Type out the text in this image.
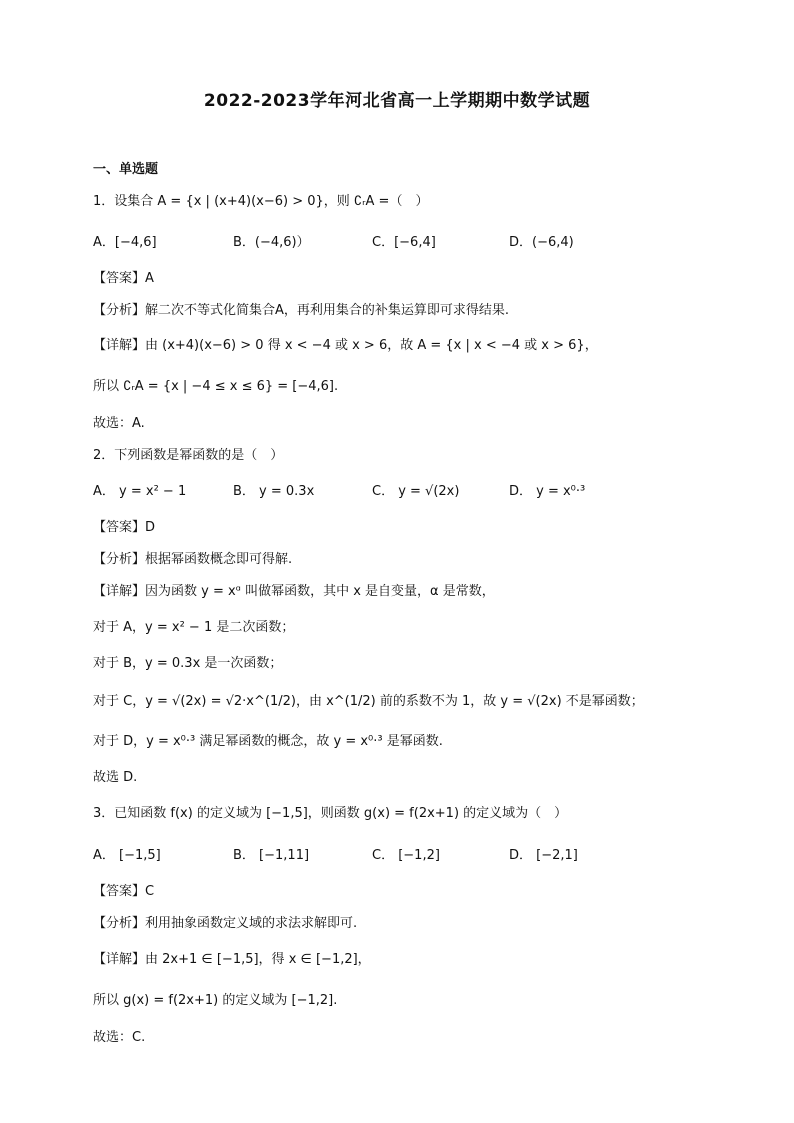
2022-2023学年河北省高一上学期期中数学试题
一、单选题
1．设集合 A = {x | (x+4)(x−6) > 0}，则 ∁ᵣA =（　）
A．[−4,6]	B．(−4,6)）	C．[−6,4]	D．(−6,4)
【答案】A
【分析】解二次不等式化简集合A，再利用集合的补集运算即可求得结果.
【详解】由 (x+4)(x−6) > 0 得 x < −4 或 x > 6，故 A = {x | x < −4 或 x > 6}，
所以 ∁ᵣA = {x | −4 ≤ x ≤ 6} = [−4,6].
故选：A.
2．下列函数是幂函数的是（　）
A． y = x² − 1	B． y = 0.3x	C． y = √(2x)	D． y = x⁰·³
【答案】D
【分析】根据幂函数概念即可得解.
【详解】因为函数 y = xᵅ 叫做幂函数，其中 x 是自变量，α 是常数，
对于 A，y = x² − 1 是二次函数；
对于 B，y = 0.3x 是一次函数；
对于 C，y = √(2x) = √2·x^(1/2)，由 x^(1/2) 前的系数不为 1，故 y = √(2x) 不是幂函数；
对于 D，y = x⁰·³ 满足幂函数的概念，故 y = x⁰·³ 是幂函数.
故选 D.
3．已知函数 f(x) 的定义域为 [−1,5]，则函数 g(x) = f(2x+1) 的定义域为（　）
A． [−1,5]	B． [−1,11]	C． [−1,2]	D． [−2,1]
【答案】C
【分析】利用抽象函数定义域的求法求解即可.
【详解】由 2x+1 ∈ [−1,5]，得 x ∈ [−1,2]，
所以 g(x) = f(2x+1) 的定义域为 [−1,2].
故选：C.
